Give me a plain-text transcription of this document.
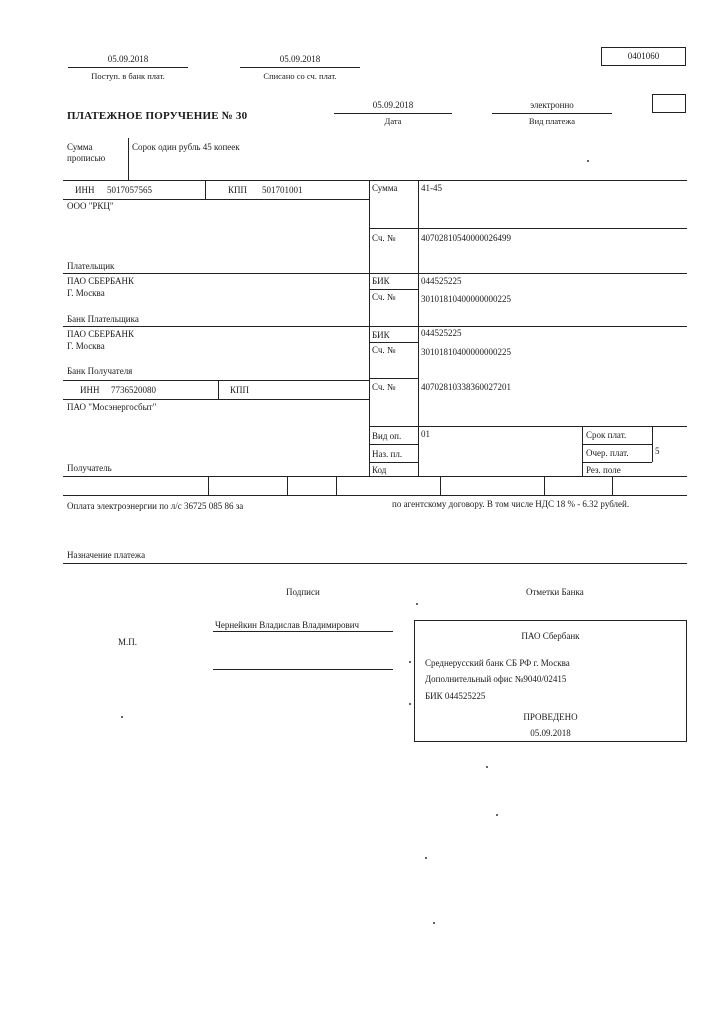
05.09.2018
Поступ. в банк плат.
05.09.2018
Списано со сч. плат.
0401060
ПЛАТЕЖНОЕ ПОРУЧЕНИЕ № 30
05.09.2018
Дата
электронно
Вид платежа
Сумма
прописью
Сорок один рубль 45 копеек
ИНН 5017057565	КПП 501701001
ООО "РКЦ"
Сумма	41-45
Сч. №	40702810540000026499
Плательщик
ПАО СБЕРБАНК
Г. Москва
БИК	044525225
Сч. №	30101810400000000225
Банк Плательщика
ПАО СБЕРБАНК
Г. Москва
БИК	044525225
Сч. №	30101810400000000225
Банк Получателя
ИНН 7736520080	КПП
ПАО "Мосэнергосбыт"
Сч. №	40702810338360027201
Вид оп. 01
Наз. пл.
Код
Срок плат.
Очер. плат.	5
Рез. поле
Получатель
Оплата электроэнергии по л/с 36725 085 86 за	по агентскому договору. В том числе НДС 18 % - 6.32 рублей.
Назначение платежа
Подписи	Отметки Банка
М.П.
Чернейкин Владислав Владимирович
ПАО Сбербанк
Среднерусский банк СБ РФ г. Москва
Дополнительный офис №9040/02415
БИК 044525225
ПРОВЕДЕНО
05.09.2018
